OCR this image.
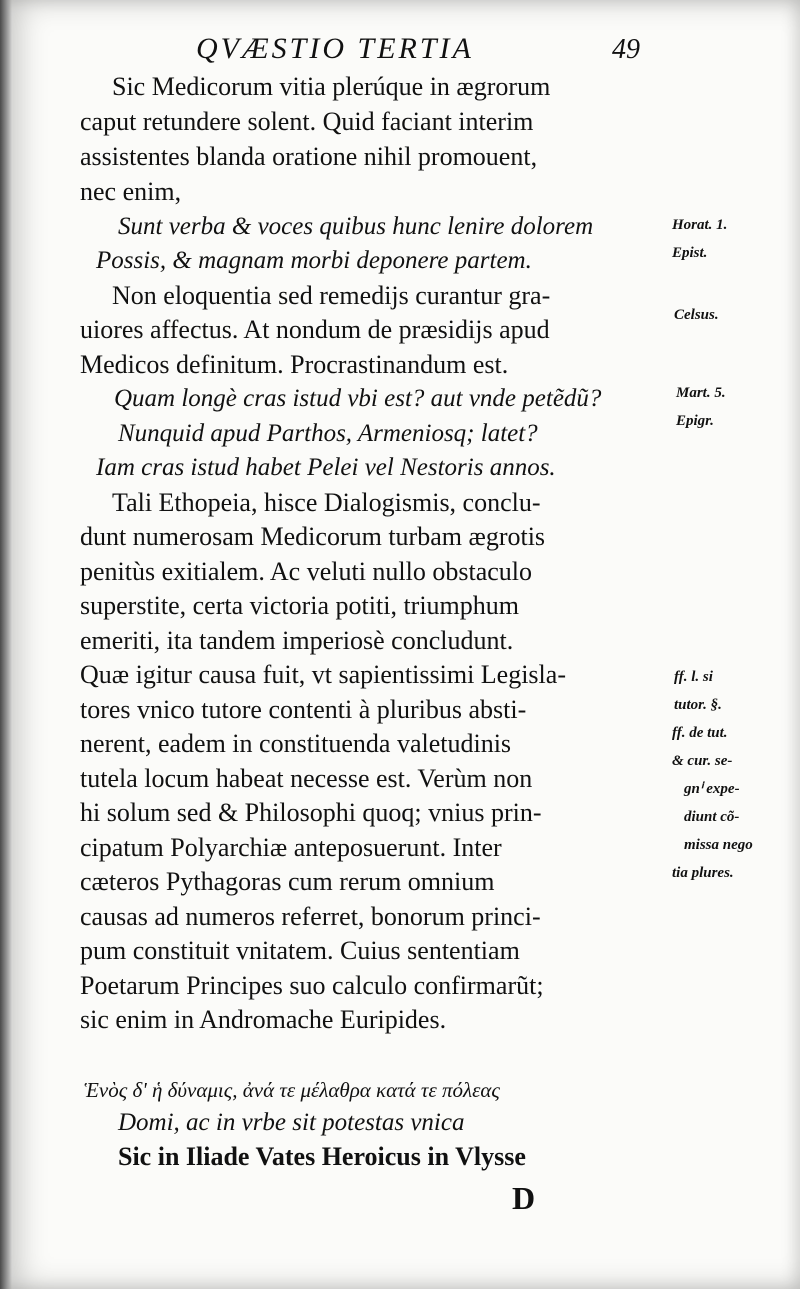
QVÆSTIO TERTIA	49
Sic Medicorum vitia plerúque in ægrorum
caput retundere solent. Quid faciant interim
assistentes blanda oratione nihil promouent,
nec enim,
Sunt verba & voces quibus hunc lenire dolorem
Possis, & magnam morbi deponere partem.
Non eloquentia sed remedijs curantur gra-
uiores affectus. At nondum de præsidijs apud
Medicos definitum. Procrastinandum est.
Quam longè cras istud vbi est? aut vnde petẽdũ?
Nunquid apud Parthos, Armeniosq; latet?
Iam cras istud habet Pelei vel Nestoris annos.
Tali Ethopeia, hisce Dialogismis, conclu-
dunt numerosam Medicorum turbam ægrotis
penitùs exitialem. Ac veluti nullo obstaculo
superstite, certa victoria potiti, triumphum
emeriti, ita tandem imperiosè concludunt.
Quæ igitur causa fuit, vt sapientissimi Legisla-
tores vnico tutore contenti à pluribus absti-
nerent, eadem in constituenda valetudinis
tutela locum habeat necesse est. Verùm non
hi solum sed & Philosophi quoq; vnius prin-
cipatum Polyarchiæ anteposuerunt. Inter
cæteros Pythagoras cum rerum omnium
causas ad numeros referret, bonorum princi-
pum constituit vnitatem. Cuius sententiam
Poetarum Principes suo calculo confirmarũt;
sic enim in Andromache Euripides.
Ἑνὸς δ' ἡ δύναμις, ἀνά τε μέλαθρα κατά τε πόλεας
Domi, ac in vrbe sit potestas vnica
Sic in Iliade Vates Heroicus in Vlysse
D
Horat. 1.
Epist.
Celsus.
Mart. 5.
Epigr.
ff. l. si
tutor. §.
ff. de tut.
& cur. se-
gnⁱ expe-
diunt cõ-
missa nego
tia plures.
